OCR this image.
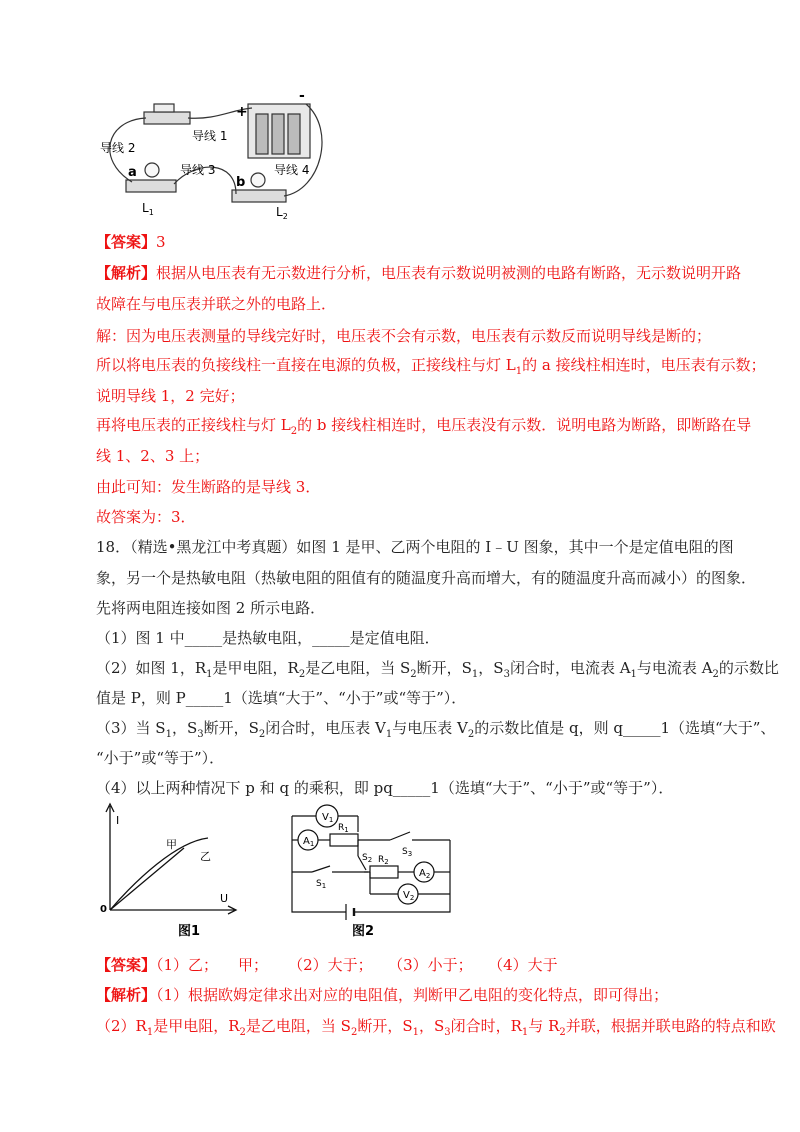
+
-
导线 1
导线 2
导线 3	导线 4
a
b
$L_1$	$L_2$
【答案】3
【解析】根据从电压表有无示数进行分析，电压表有示数说明被测的电路有断路，无示数说明开路
故障在与电压表并联之外的电路上．
解：因为电压表测量的导线完好时，电压表不会有示数，电压表有示数反而说明导线是断的；
所以将电压表的负接线柱一直接在电源的负极，正接线柱与灯 $L_1$的 a 接线柱相连时，电压表有示数；
说明导线 1，2 完好；
再将电压表的正接线柱与灯 $L_2$的 b 接线柱相连时，电压表没有示数．说明电路为断路，即断路在导
线 1、2、3 上；
由此可知：发生断路的是导线 3．
故答案为：3．
18．（精选•黑龙江中考真题）如图 1 是甲、乙两个电阻的 I﹣U 图象，其中一个是定值电阻的图
象，另一个是热敏电阻（热敏电阻的阻值有的随温度升高而增大，有的随温度升高而减小）的图象．
先将两电阻连接如图 2 所示电路．
（1）图 1 中_____是热敏电阻，_____是定值电阻．
（2）如图 1，$R_1$是甲电阻，$R_2$是乙电阻，当 $S_2$断开，$S_1$，$S_3$闭合时，电流表 $A_1$与电流表 $A_2$的示数比
值是 P，则 P_____1（选填“大于”、“小于”或“等于”）．
（3）当 $S_1$，$S_3$断开，$S_2$闭合时，电压表 $V_1$与电压表 $V_2$的示数比值是 q，则 q_____1（选填“大于”、
“小于”或“等于”）．
（4）以上两种情况下 p 和 q 的乘积，即 pq_____1（选填“大于”、“小于”或“等于”）．
I
U
0
甲
乙
图1
$V_1$
$A_1$
$R_1$
$S_3$
$S_2$ $R_2$
$A_2$
$S_1$
$V_2$
图2
【答案】（1）乙； 甲； （2）大于； （3）小于； （4）大于
【解析】（1）根据欧姆定律求出对应的电阻值，判断甲乙电阻的变化特点，即可得出；
$(2)R_1$是甲电阻，$R_2$是乙电阻，当 $S_2$断开，$S_1$，$S_3$闭合时，$R_1$与 $R_2$并联，根据并联电路的特点和欧
